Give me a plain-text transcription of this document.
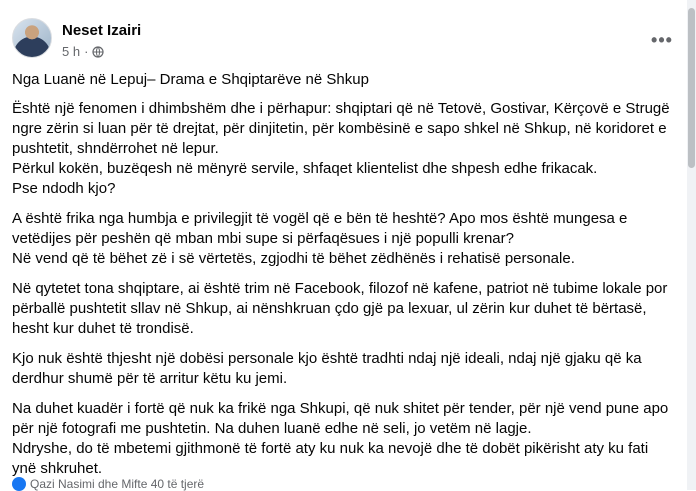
Neset Izairi
5 h ·
•••

Nga Luanë në Lepuj– Drama e Shqiptarëve në Shkup

Është një fenomen i dhimbshëm dhe i përhapur: shqiptari që në Tetovë, Gostivar, Kërçovë e Strugë ngre zërin si luan për të drejtat, për dinjitetin, për kombësinë e sapo shkel në Shkup, në koridoret e pushtetit, shndërrohet në lepur.
Përkul kokën, buzëqesh në mënyrë servile, shfaqet klientelist dhe shpesh edhe frikacak.
Pse ndodh kjo?

A është frika nga humbja e privilegjit të vogël që e bën të heshtë? Apo mos është mungesa e vetëdijes për peshën që mban mbi supe si përfaqësues i një populli krenar?
Në vend që të bëhet zë i së vërtetës, zgjodhi të bëhet zëdhënës i rehatisë personale.

Në qytetet tona shqiptare, ai është trim në Facebook, filozof në kafene, patriot në tubime lokale por përballë pushtetit sllav në Shkup, ai nënshkruan çdo gjë pa lexuar, ul zërin kur duhet të bërtasë, hesht kur duhet të trondisë.

Kjo nuk është thjesht një dobësi personale kjo është tradhti ndaj një ideali, ndaj një gjaku që ka derdhur shumë për të arritur këtu ku jemi.

Na duhet kuadër i fortë që nuk ka frikë nga Shkupi, që nuk shitet për tender, për një vend pune apo për një fotografi me pushtetin. Na duhen luanë edhe në seli, jo vetëm në lagje.
Ndryshe, do të mbetemi gjithmonë të fortë aty ku nuk ka nevojë dhe të dobët pikërisht aty ku fati ynë shkruhet.

Qazi Nasimi dhe Mifte 40 të tjerë
